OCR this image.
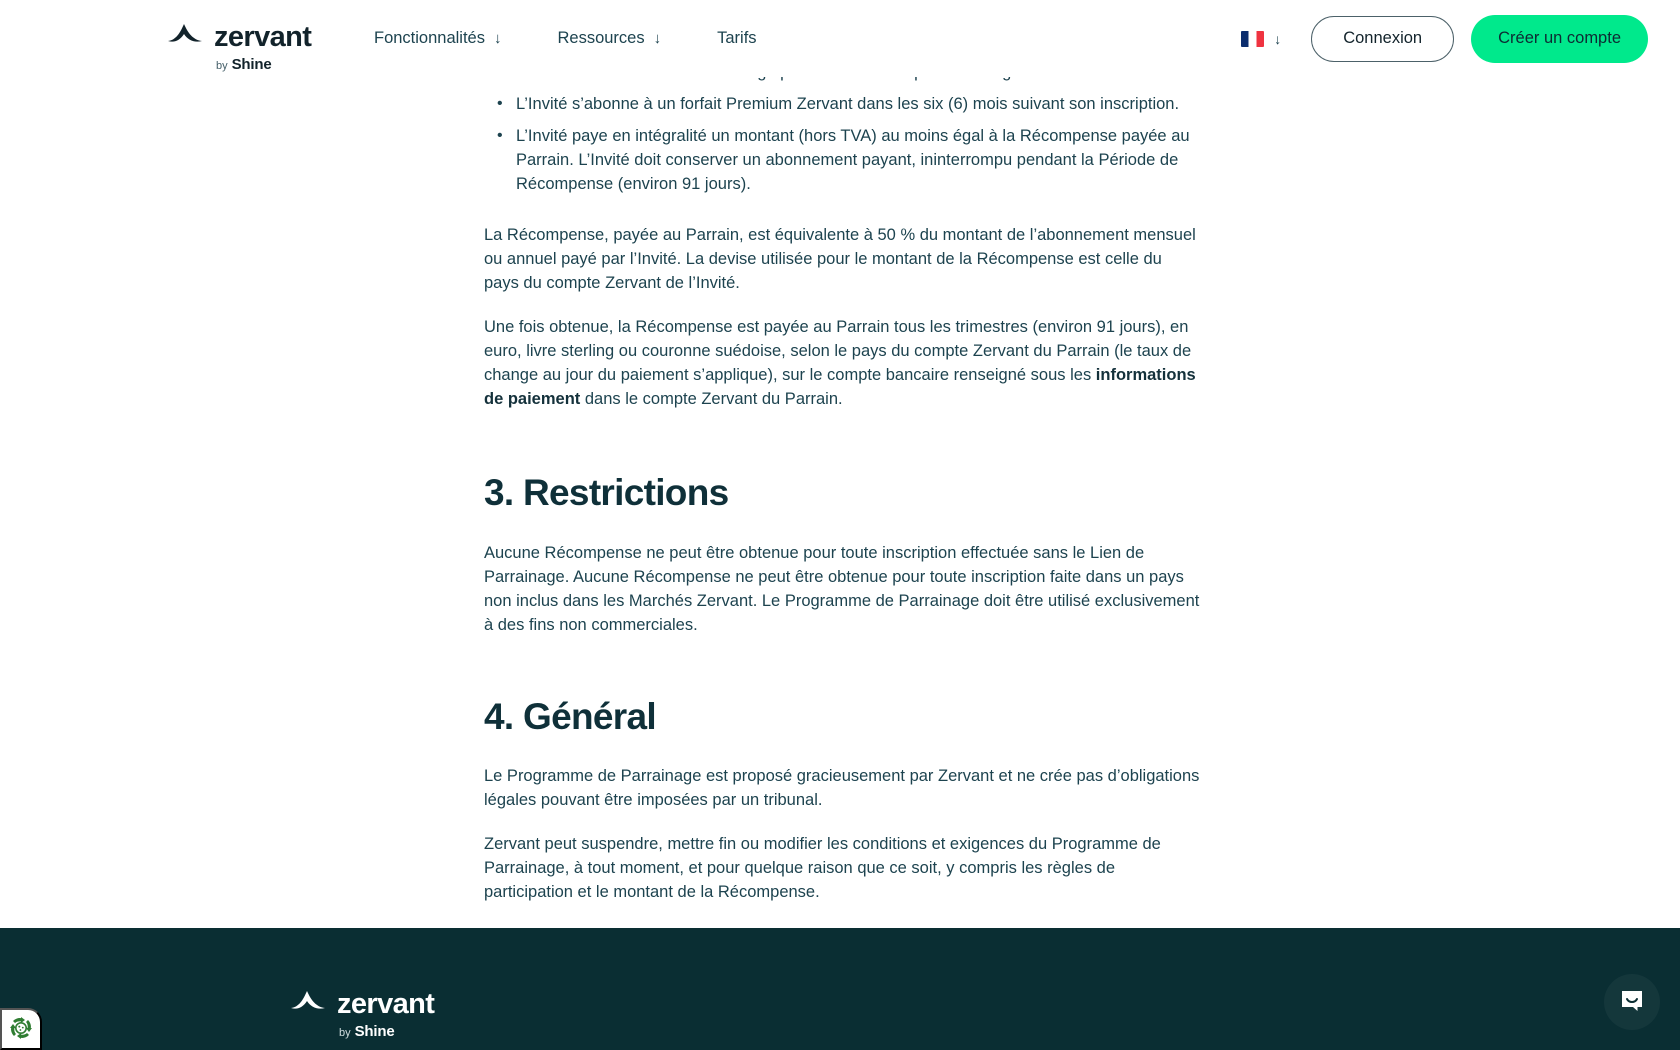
•
• L’Invité s’abonne à un forfait Premium Zervant dans les six (6) mois suivant son inscription.
• L’Invité paye en intégralité un montant (hors TVA) au moins égal à la Récompense payée au Parrain. L’Invité doit conserver un abonnement payant, ininterrompu pendant la Période de Récompense (environ 91 jours).

La Récompense, payée au Parrain, est équivalente à 50 % du montant de l’abonnement mensuel ou annuel payé par l’Invité. La devise utilisée pour le montant de la Récompense est celle du pays du compte Zervant de l’Invité.

Une fois obtenue, la Récompense est payée au Parrain tous les trimestres (environ 91 jours), en euro, livre sterling ou couronne suédoise, selon le pays du compte Zervant du Parrain (le taux de change au jour du paiement s’applique), sur le compte bancaire renseigné sous les informations de paiement dans le compte Zervant du Parrain.

3. Restrictions

Aucune Récompense ne peut être obtenue pour toute inscription effectuée sans le Lien de Parrainage. Aucune Récompense ne peut être obtenue pour toute inscription faite dans un pays non inclus dans les Marchés Zervant. Le Programme de Parrainage doit être utilisé exclusivement à des fins non commerciales.

4. Général

Le Programme de Parrainage est proposé gracieusement par Zervant et ne crée pas d’obligations légales pouvant être imposées par un tribunal.

Zervant peut suspendre, mettre fin ou modifier les conditions et exigences du Programme de Parrainage, à tout moment, et pour quelque raison que ce soit, y compris les règles de participation et le montant de la Récompense.

zervant
by Shine
Fonctionnalités ↓	Ressources ↓	Tarifs	↓	Connexion	Créer un compte
zervant
by Shine
